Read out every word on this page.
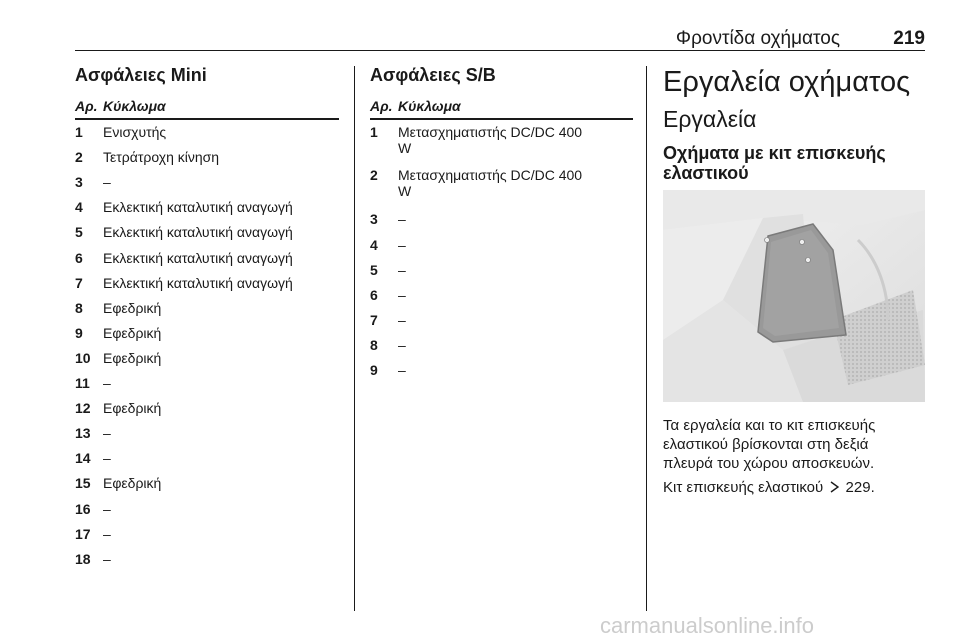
Φροντίδα οχήματος	219
Ασφάλειες Mini
Αρ. Κύκλωμα
1 Ενισχυτής
2 Τετράτροχη κίνηση
3 –
4 Εκλεκτική καταλυτική αναγωγή
5 Εκλεκτική καταλυτική αναγωγή
6 Εκλεκτική καταλυτική αναγωγή
7 Εκλεκτική καταλυτική αναγωγή
8 Εφεδρική
9 Εφεδρική
10 Εφεδρική
11 –
12 Εφεδρική
13 –
14 –
15 Εφεδρική
16 –
17 –
18 –
Ασφάλειες S/B
Αρ. Κύκλωμα
1 Μετασχηματιστής DC/DC 400
W
2 Μετασχηματιστής DC/DC 400
W
3 –
4 –
5 –
6 –
7 –
8 –
9 –
Εργαλεία οχήματος
Εργαλεία
Οχήματα με κιτ επισκευής
ελαστικού
Τα εργαλεία και το κιτ επισκευής
ελαστικού βρίσκονται στη δεξιά
πλευρά του χώρου αποσκευών.
Κιτ επισκευής ελαστικού 229.
carmanualsonline.info
